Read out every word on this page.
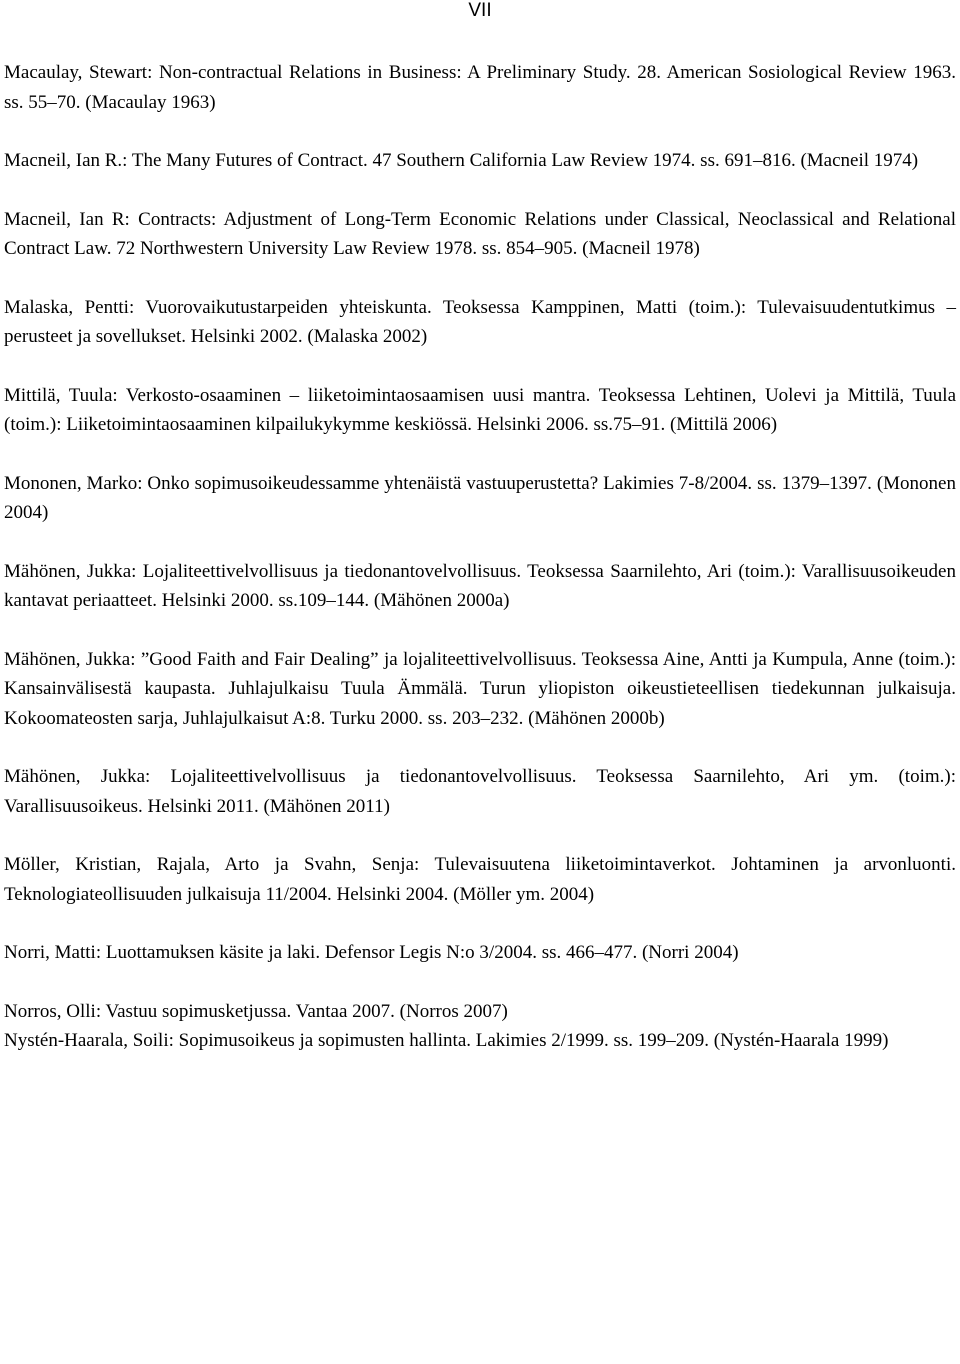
VII

Macaulay, Stewart: Non-contractual Relations in Business: A Preliminary Study. 28. American Sosiological Review 1963. ss. 55–70. (Macaulay 1963)

Macneil, Ian R.: The Many Futures of Contract. 47 Southern California Law Review 1974. ss. 691–816. (Macneil 1974)

Macneil, Ian R: Contracts: Adjustment of Long-Term Economic Relations under Classical, Neoclassical and Relational Contract Law. 72 Northwestern University Law Review 1978. ss. 854–905. (Macneil 1978)

Malaska, Pentti: Vuorovaikutustarpeiden yhteiskunta. Teoksessa Kamppinen, Matti (toim.): Tulevaisuudentutkimus – perusteet ja sovellukset. Helsinki 2002. (Malaska 2002)

Mittilä, Tuula: Verkosto-osaaminen – liiketoimintaosaamisen uusi mantra. Teoksessa Lehtinen, Uolevi ja Mittilä, Tuula (toim.): Liiketoimintaosaaminen kilpailukykymme keskiössä. Helsinki 2006. ss.75–91. (Mittilä 2006)

Mononen, Marko: Onko sopimusoikeudessamme yhtenäistä vastuuperustetta? Lakimies 7-8/2004. ss. 1379–1397. (Mononen 2004)

Mähönen, Jukka: Lojaliteettivelvollisuus ja tiedonantovelvollisuus. Teoksessa Saarnilehto, Ari (toim.): Varallisuusoikeuden kantavat periaatteet. Helsinki 2000. ss.109–144. (Mähönen 2000a)

Mähönen, Jukka: ”Good Faith and Fair Dealing” ja lojaliteettivelvollisuus. Teoksessa Aine, Antti ja Kumpula, Anne (toim.): Kansainvälisestä kaupasta. Juhlajulkaisu Tuula Ämmälä. Turun yliopiston oikeustieteellisen tiedekunnan julkaisuja. Kokoomateosten sarja, Juhlajulkaisut A:8. Turku 2000. ss. 203–232. (Mähönen 2000b)

Mähönen, Jukka: Lojaliteettivelvollisuus ja tiedonantovelvollisuus. Teoksessa Saarnilehto, Ari ym. (toim.): Varallisuusoikeus. Helsinki 2011. (Mähönen 2011)

Möller, Kristian, Rajala, Arto ja Svahn, Senja: Tulevaisuutena liiketoimintaverkot. Johtaminen ja arvonluonti. Teknologiateollisuuden julkaisuja 11/2004. Helsinki 2004. (Möller ym. 2004)

Norri, Matti: Luottamuksen käsite ja laki. Defensor Legis N:o 3/2004. ss. 466–477. (Norri 2004)

Norros, Olli: Vastuu sopimusketjussa. Vantaa 2007. (Norros 2007)

Nystén-Haarala, Soili: Sopimusoikeus ja sopimusten hallinta. Lakimies 2/1999. ss. 199–209. (Nystén-Haarala 1999)
